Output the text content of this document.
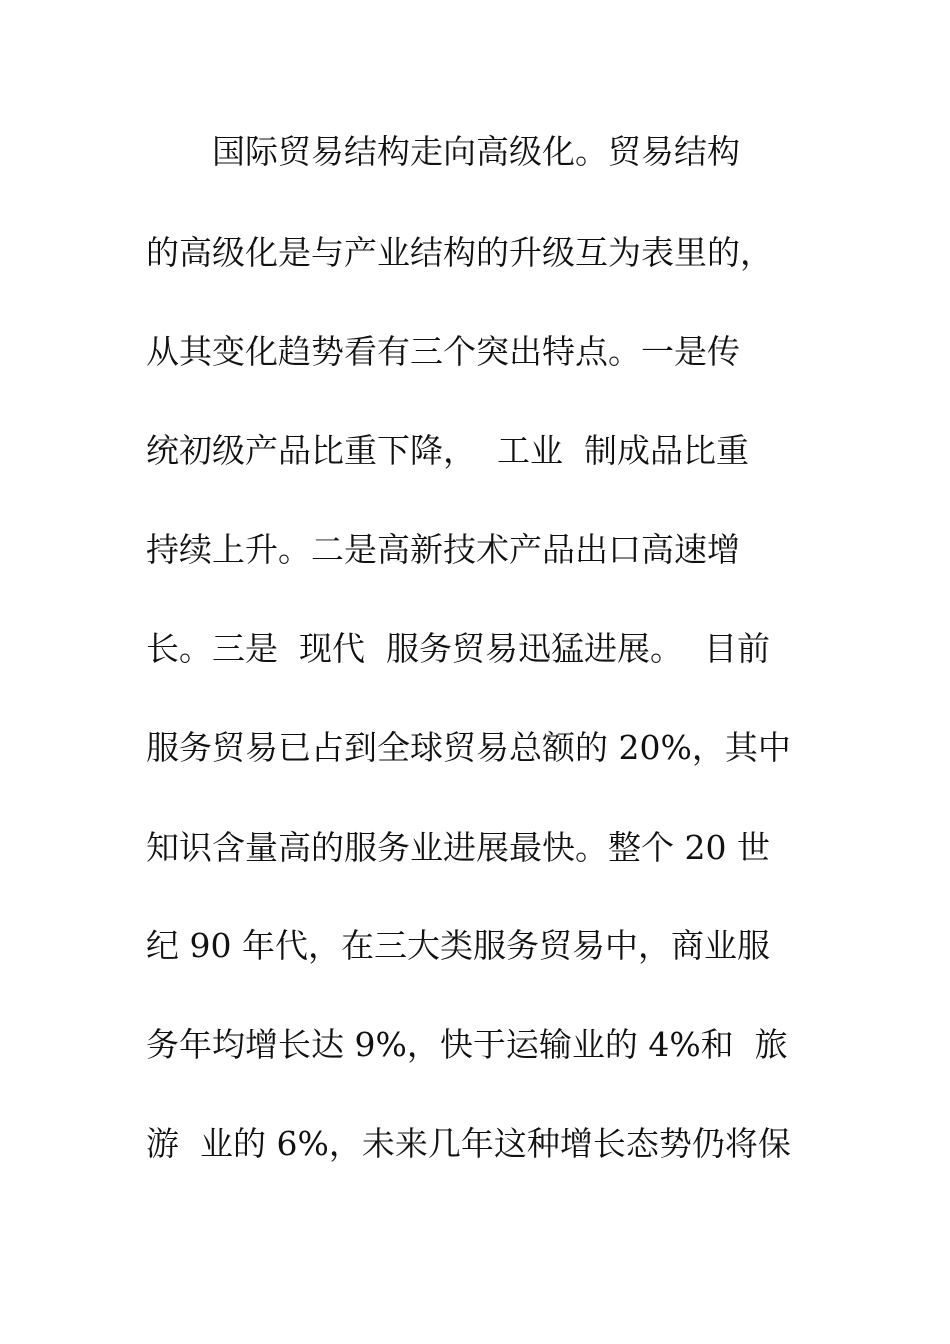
　　国际贸易结构走向高级化。贸易结构
的高级化是与产业结构的升级互为表里的，
从其变化趋势看有三个突出特点。一是传
统初级产品比重下降，  工业  制成品比重
持续上升。二是高新技术产品出口高速增
长。三是  现代  服务贸易迅猛进展。  目前
服务贸易已占到全球贸易总额的 20%，其中
知识含量高的服务业进展最快。整个 20 世
纪 90 年代，在三大类服务贸易中，商业服
务年均增长达 9%，快于运输业的 4%和  旅
游  业的 6%，未来几年这种增长态势仍将保
